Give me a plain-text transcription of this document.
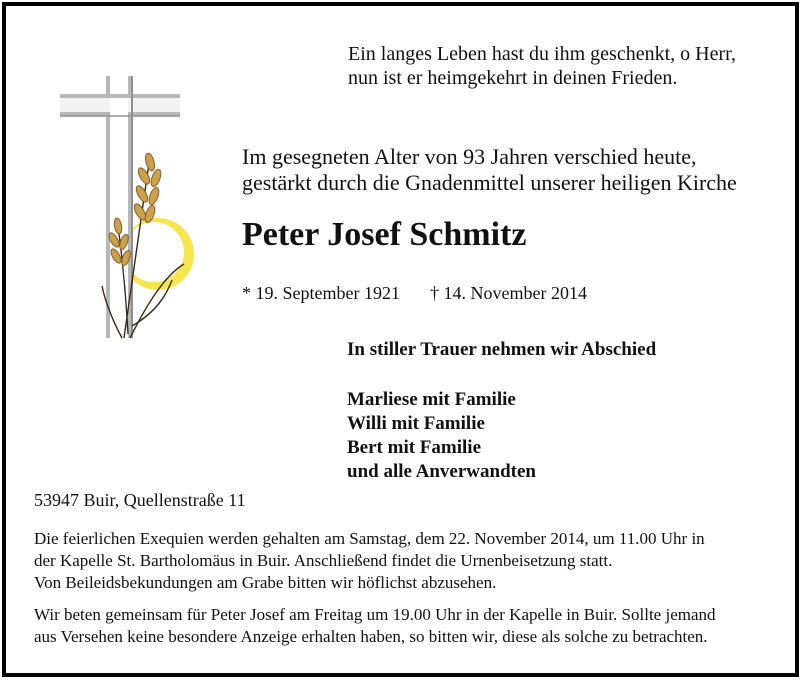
Ein langes Leben hast du ihm geschenkt, o Herr,
nun ist er heimgekehrt in deinen Frieden.

Im gesegneten Alter von 93 Jahren verschied heute,
gestärkt durch die Gnadenmittel unserer heiligen Kirche

Peter Josef Schmitz

* 19. September 1921 † 14. November 2014

In stiller Trauer nehmen wir Abschied

Marliese mit Familie
Willi mit Familie
Bert mit Familie
und alle Anverwandten

53947 Buir, Quellenstraße 11

Die feierlichen Exequien werden gehalten am Samstag, dem 22. November 2014, um 11.00 Uhr in
der Kapelle St. Bartholomäus in Buir. Anschließend findet die Urnenbeisetzung statt.
Von Beileidsbekundungen am Grabe bitten wir höflichst abzusehen.

Wir beten gemeinsam für Peter Josef am Freitag um 19.00 Uhr in der Kapelle in Buir. Sollte jemand
aus Versehen keine besondere Anzeige erhalten haben, so bitten wir, diese als solche zu betrachten.
